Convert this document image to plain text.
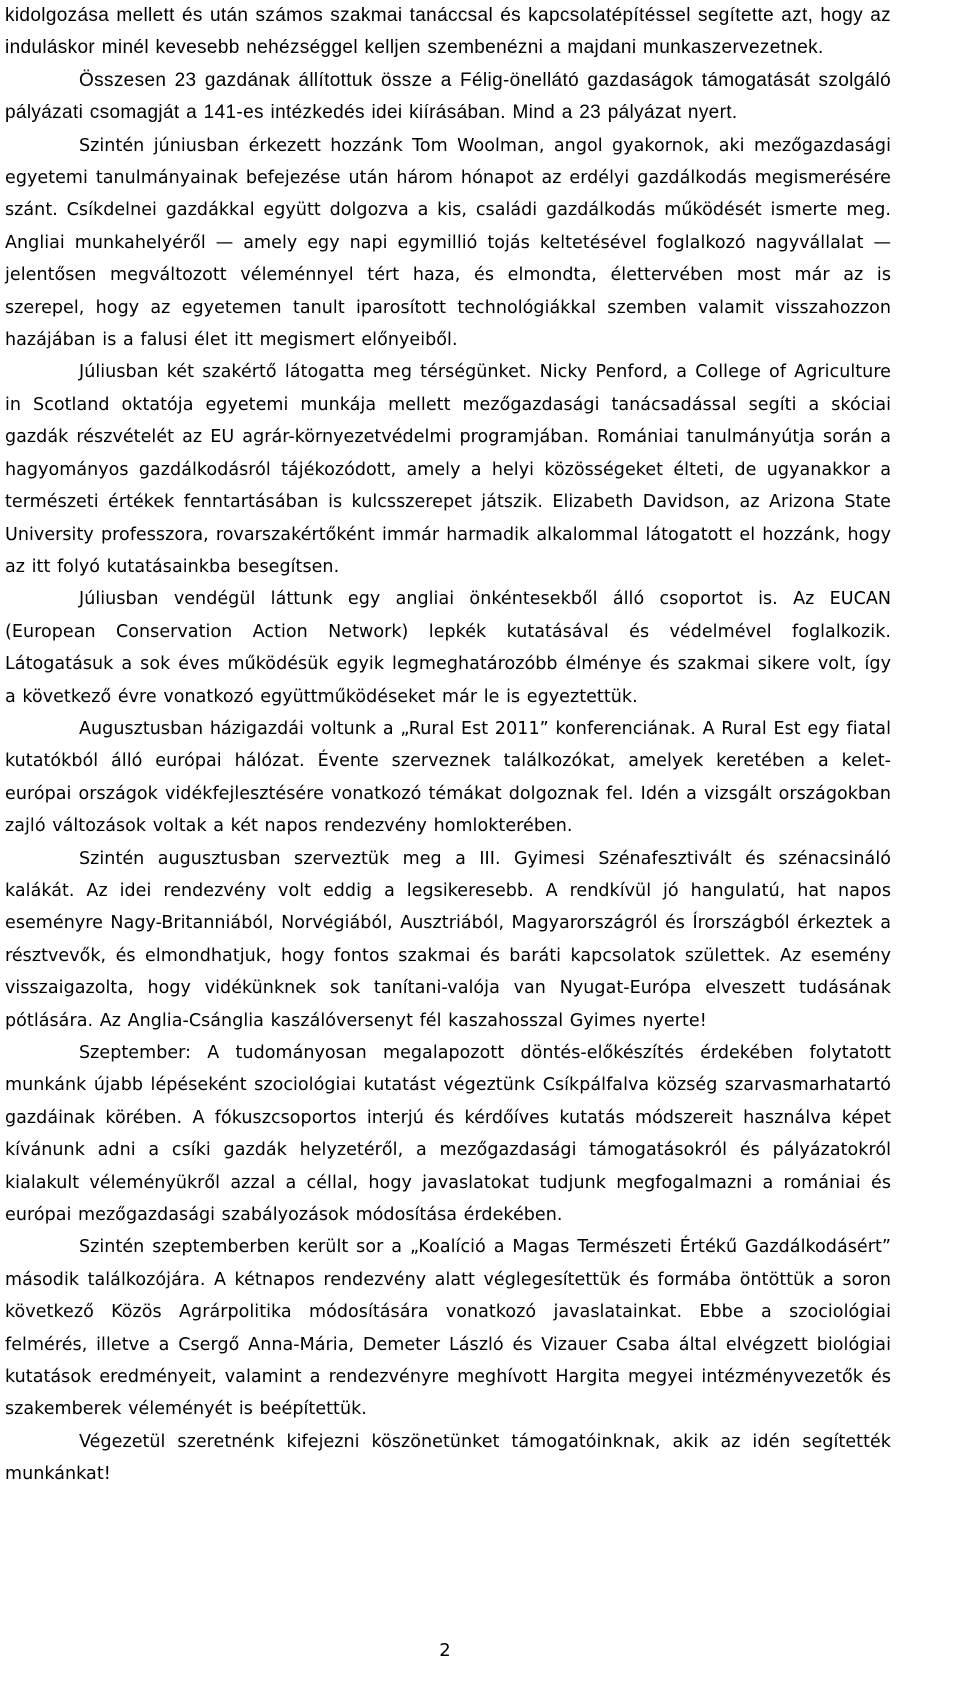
kidolgozása mellett és után számos szakmai tanáccsal és kapcsolatépítéssel segítette azt, hogy az induláskor minél kevesebb nehézséggel kelljen szembenézni a majdani munkaszervezetnek.

Összesen 23 gazdának állítottuk össze a Félig-önellátó gazdaságok támogatását szolgáló pályázati csomagját a 141-es intézkedés idei kiírásában. Mind a 23 pályázat nyert.

Szintén júniusban érkezett hozzánk Tom Woolman, angol gyakornok, aki mezőgazdasági egyetemi tanulmányainak befejezése után három hónapot az erdélyi gazdálkodás megismerésére szánt. Csíkdelnei gazdákkal együtt dolgozva a kis, családi gazdálkodás működését ismerte meg. Angliai munkahelyéről — amely egy napi egymillió tojás keltetésével foglalkozó nagyvállalat — jelentősen megváltozott véleménnyel tért haza, és elmondta, élettervében most már az is szerepel, hogy az egyetemen tanult iparosított technológiákkal szemben valamit visszahozzon hazájában is a falusi élet itt megismert előnyeiből.

Júliusban két szakértő látogatta meg térségünket. Nicky Penford, a College of Agriculture in Scotland oktatója egyetemi munkája mellett mezőgazdasági tanácsadással segíti a skóciai gazdák részvételét az EU agrár-környezetvédelmi programjában. Romániai tanulmányútja során a hagyományos gazdálkodásról tájékozódott, amely a helyi közösségeket élteti, de ugyanakkor a természeti értékek fenntartásában is kulcsszerepet játszik. Elizabeth Davidson, az Arizona State University professzora, rovarszakértőként immár harmadik alkalommal látogatott el hozzánk, hogy az itt folyó kutatásainkba besegítsen.

Júliusban vendégül láttunk egy angliai önkéntesekből álló csoportot is. Az EUCAN (European Conservation Action Network) lepkék kutatásával és védelmével foglalkozik. Látogatásuk a sok éves működésük egyik legmeghatározóbb élménye és szakmai sikere volt, így a következő évre vonatkozó együttműködéseket már le is egyeztettük.

Augusztusban házigazdái voltunk a „Rural Est 2011” konferenciának. A Rural Est egy fiatal kutatókból álló európai hálózat. Évente szerveznek találkozókat, amelyek keretében a kelet-európai országok vidékfejlesztésére vonatkozó témákat dolgoznak fel. Idén a vizsgált országokban zajló változások voltak a két napos rendezvény homlokterében.

Szintén augusztusban szerveztük meg a III. Gyimesi Szénafesztivált és szénacsináló kalákát. Az idei rendezvény volt eddig a legsikeresebb. A rendkívül jó hangulatú, hat napos eseményre Nagy-Britanniából, Norvégiából, Ausztriából, Magyarországról és Írországból érkeztek a résztvevők, és elmondhatjuk, hogy fontos szakmai és baráti kapcsolatok születtek. Az esemény visszaigazolta, hogy vidékünknek sok tanítani-valója van Nyugat-Európa elveszett tudásának pótlására. Az Anglia-Csánglia kaszálóversenyt fél kaszahosszal Gyimes nyerte!

Szeptember: A tudományosan megalapozott döntés-előkészítés érdekében folytatott munkánk újabb lépéseként szociológiai kutatást végeztünk Csíkpálfalva község szarvasmarhatartó gazdáinak körében. A fókuszcsoportos interjú és kérdőíves kutatás módszereit használva képet kívánunk adni a csíki gazdák helyzetéről, a mezőgazdasági támogatásokról és pályázatokról kialakult véleményükről azzal a céllal, hogy javaslatokat tudjunk megfogalmazni a romániai és európai mezőgazdasági szabályozások módosítása érdekében.

Szintén szeptemberben került sor a „Koalíció a Magas Természeti Értékű Gazdálkodásért” második találkozójára. A kétnapos rendezvény alatt véglegesítettük és formába öntöttük a soron következő Közös Agrárpolitika módosítására vonatkozó javaslatainkat. Ebbe a szociológiai felmérés, illetve a Csergő Anna-Mária, Demeter László és Vizauer Csaba által elvégzett biológiai kutatások eredményeit, valamint a rendezvényre meghívott Hargita megyei intézményvezetők és szakemberek véleményét is beépítettük.

Végezetül szeretnénk kifejezni köszönetünket támogatóinknak, akik az idén segítették munkánkat!

2
